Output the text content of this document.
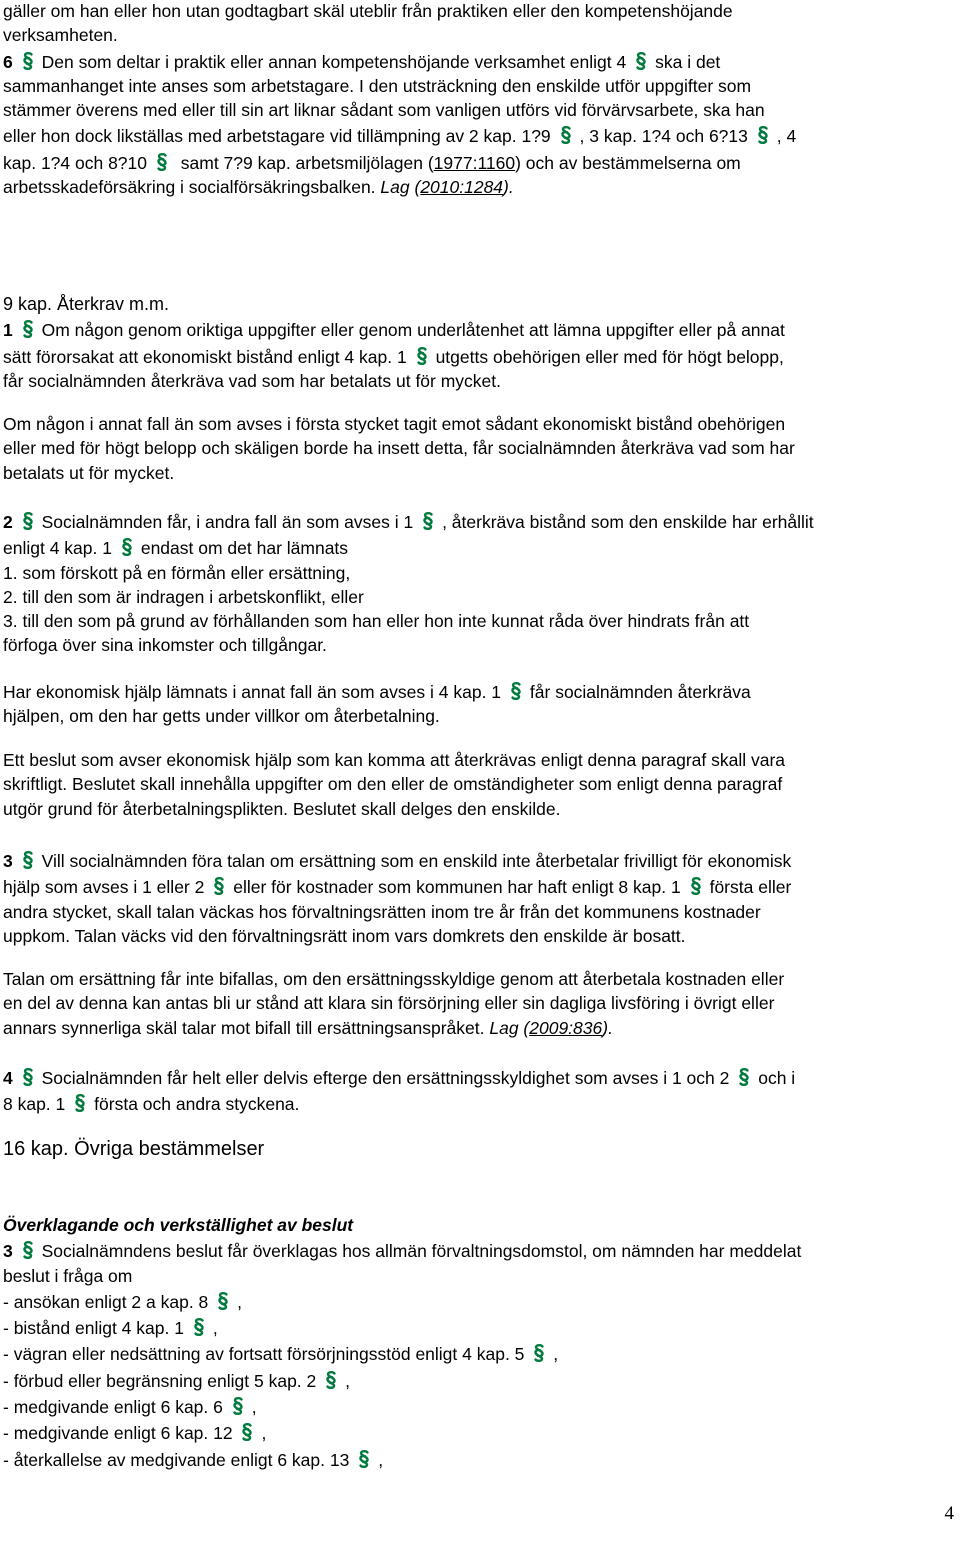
gäller om han eller hon utan godtagbart skäl uteblir från praktiken eller den kompetenshöjande
verksamheten.
6 Den som deltar i praktik eller annan kompetenshöjande verksamhet enligt 4 ska i det
sammanhanget inte anses som arbetstagare. I den utsträckning den enskilde utför uppgifter som
stämmer överens med eller till sin art liknar sådant som vanligen utförs vid förvärvsarbete, ska han
eller hon dock likställas med arbetstagare vid tillämpning av 2 kap. 1?9 , 3 kap. 1?4 och 6?13 , 4
kap. 1?4 och 8?10 samt 7?9 kap. arbetsmiljölagen (1977:1160) och av bestämmelserna om
arbetsskadeförsäkring i socialförsäkringsbalken. Lag (2010:1284).
9 kap. Återkrav m.m.
1 Om någon genom oriktiga uppgifter eller genom underlåtenhet att lämna uppgifter eller på annat
sätt förorsakat att ekonomiskt bistånd enligt 4 kap. 1 utgetts obehörigen eller med för högt belopp,
får socialnämnden återkräva vad som har betalats ut för mycket.
Om någon i annat fall än som avses i första stycket tagit emot sådant ekonomiskt bistånd obehörigen
eller med för högt belopp och skäligen borde ha insett detta, får socialnämnden återkräva vad som har
betalats ut för mycket.
2 Socialnämnden får, i andra fall än som avses i 1 , återkräva bistånd som den enskilde har erhållit
enligt 4 kap. 1 endast om det har lämnats
1. som förskott på en förmån eller ersättning,
2. till den som är indragen i arbetskonflikt, eller
3. till den som på grund av förhållanden som han eller hon inte kunnat råda över hindrats från att
förfoga över sina inkomster och tillgångar.
Har ekonomisk hjälp lämnats i annat fall än som avses i 4 kap. 1 får socialnämnden återkräva
hjälpen, om den har getts under villkor om återbetalning.
Ett beslut som avser ekonomisk hjälp som kan komma att återkrävas enligt denna paragraf skall vara
skriftligt. Beslutet skall innehålla uppgifter om den eller de omständigheter som enligt denna paragraf
utgör grund för återbetalningsplikten. Beslutet skall delges den enskilde.
3 Vill socialnämnden föra talan om ersättning som en enskild inte återbetalar frivilligt för ekonomisk
hjälp som avses i 1 eller 2 eller för kostnader som kommunen har haft enligt 8 kap. 1 första eller
andra stycket, skall talan väckas hos förvaltningsrätten inom tre år från det kommunens kostnader
uppkom. Talan väcks vid den förvaltningsrätt inom vars domkrets den enskilde är bosatt.
Talan om ersättning får inte bifallas, om den ersättningsskyldige genom att återbetala kostnaden eller
en del av denna kan antas bli ur stånd att klara sin försörjning eller sin dagliga livsföring i övrigt eller
annars synnerliga skäl talar mot bifall till ersättningsanspråket. Lag (2009:836).
4 Socialnämnden får helt eller delvis efterge den ersättningsskyldighet som avses i 1 och 2 och i
8 kap. 1 första och andra styckena.
16 kap. Övriga bestämmelser
Överklagande och verkställighet av beslut
3 Socialnämndens beslut får överklagas hos allmän förvaltningsdomstol, om nämnden har meddelat
beslut i fråga om
- ansökan enligt 2 a kap. 8 ,
- bistånd enligt 4 kap. 1 ,
- vägran eller nedsättning av fortsatt försörjningsstöd enligt 4 kap. 5 ,
- förbud eller begränsning enligt 5 kap. 2 ,
- medgivande enligt 6 kap. 6 ,
- medgivande enligt 6 kap. 12 ,
- återkallelse av medgivande enligt 6 kap. 13 ,
4
